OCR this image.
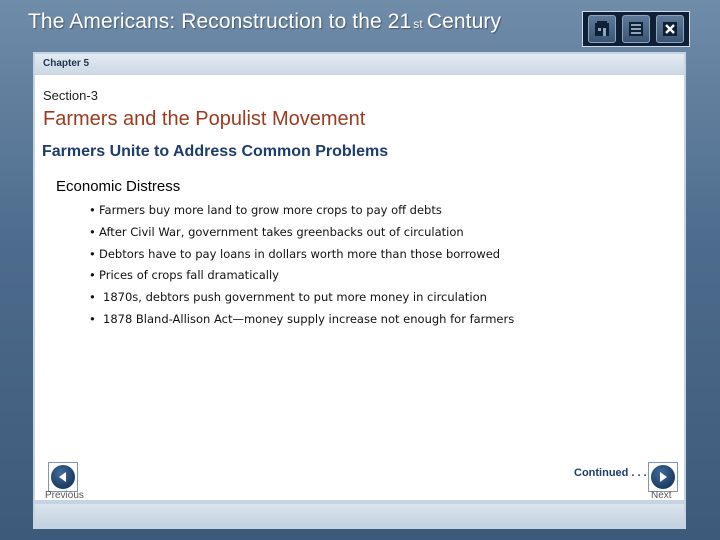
The Americans: Reconstruction to the 21 st Century
Chapter 5
Section-3
Farmers and the Populist Movement
Farmers Unite to Address Common Problems
Economic Distress
• Farmers buy more land to grow more crops to pay off debts
• After Civil War, government takes greenbacks out of circulation
• Debtors have to pay loans in dollars worth more than those borrowed
• Prices of crops fall dramatically
• 1870s, debtors push government to put more money in circulation
• 1878 Bland-Allison Act—money supply increase not enough for farmers
Continued . . .
Previous	Next
